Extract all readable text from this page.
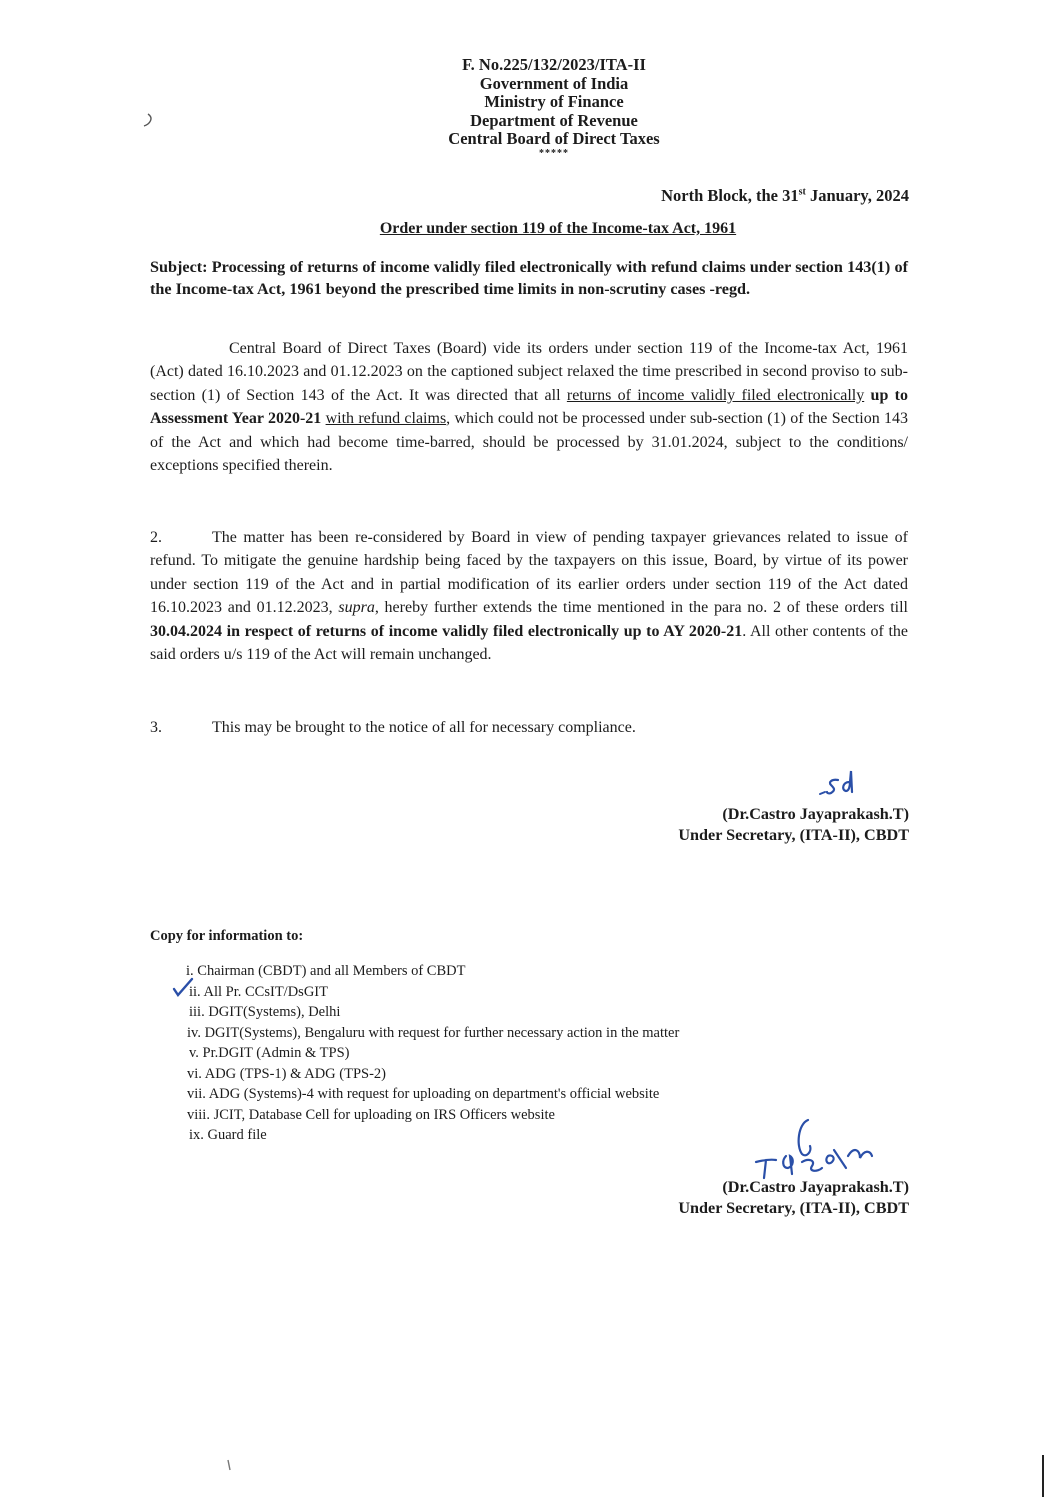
F. No.225/132/2023/ITA-II
Government of India
Ministry of Finance
Department of Revenue
Central Board of Direct Taxes
*****
North Block, the 31st January, 2024
Order under section 119 of the Income-tax Act, 1961
Subject: Processing of returns of income validly filed electronically with refund claims under section 143(1) of the Income-tax Act, 1961 beyond the prescribed time limits in non-scrutiny cases -regd.
Central Board of Direct Taxes (Board) vide its orders under section 119 of the Income-tax Act, 1961 (Act) dated 16.10.2023 and 01.12.2023 on the captioned subject relaxed the time prescribed in second proviso to sub-section (1) of Section 143 of the Act. It was directed that all returns of income validly filed electronically up to Assessment Year 2020-21 with refund claims, which could not be processed under sub-section (1) of the Section 143 of the Act and which had become time-barred, should be processed by 31.01.2024, subject to the conditions/ exceptions specified therein.
2.	The matter has been re-considered by Board in view of pending taxpayer grievances related to issue of refund. To mitigate the genuine hardship being faced by the taxpayers on this issue, Board, by virtue of its power under section 119 of the Act and in partial modification of its earlier orders under section 119 of the Act dated 16.10.2023 and 01.12.2023, supra, hereby further extends the time mentioned in the para no. 2 of these orders till 30.04.2024 in respect of returns of income validly filed electronically up to AY 2020-21. All other contents of the said orders u/s 119 of the Act will remain unchanged.
3.	This may be brought to the notice of all for necessary compliance.
(Dr.Castro Jayaprakash.T)
Under Secretary, (ITA-II), CBDT
Copy for information to:
i. Chairman (CBDT) and all Members of CBDT
ii. All Pr. CCsIT/DsGIT
iii. DGIT(Systems), Delhi
iv. DGIT(Systems), Bengaluru with request for further necessary action in the matter
v. Pr.DGIT (Admin & TPS)
vi. ADG (TPS-1) & ADG (TPS-2)
vii. ADG (Systems)-4 with request for uploading on department's official website
viii. JCIT, Database Cell for uploading on IRS Officers website
ix. Guard file
(Dr.Castro Jayaprakash.T)
Under Secretary, (ITA-II), CBDT
